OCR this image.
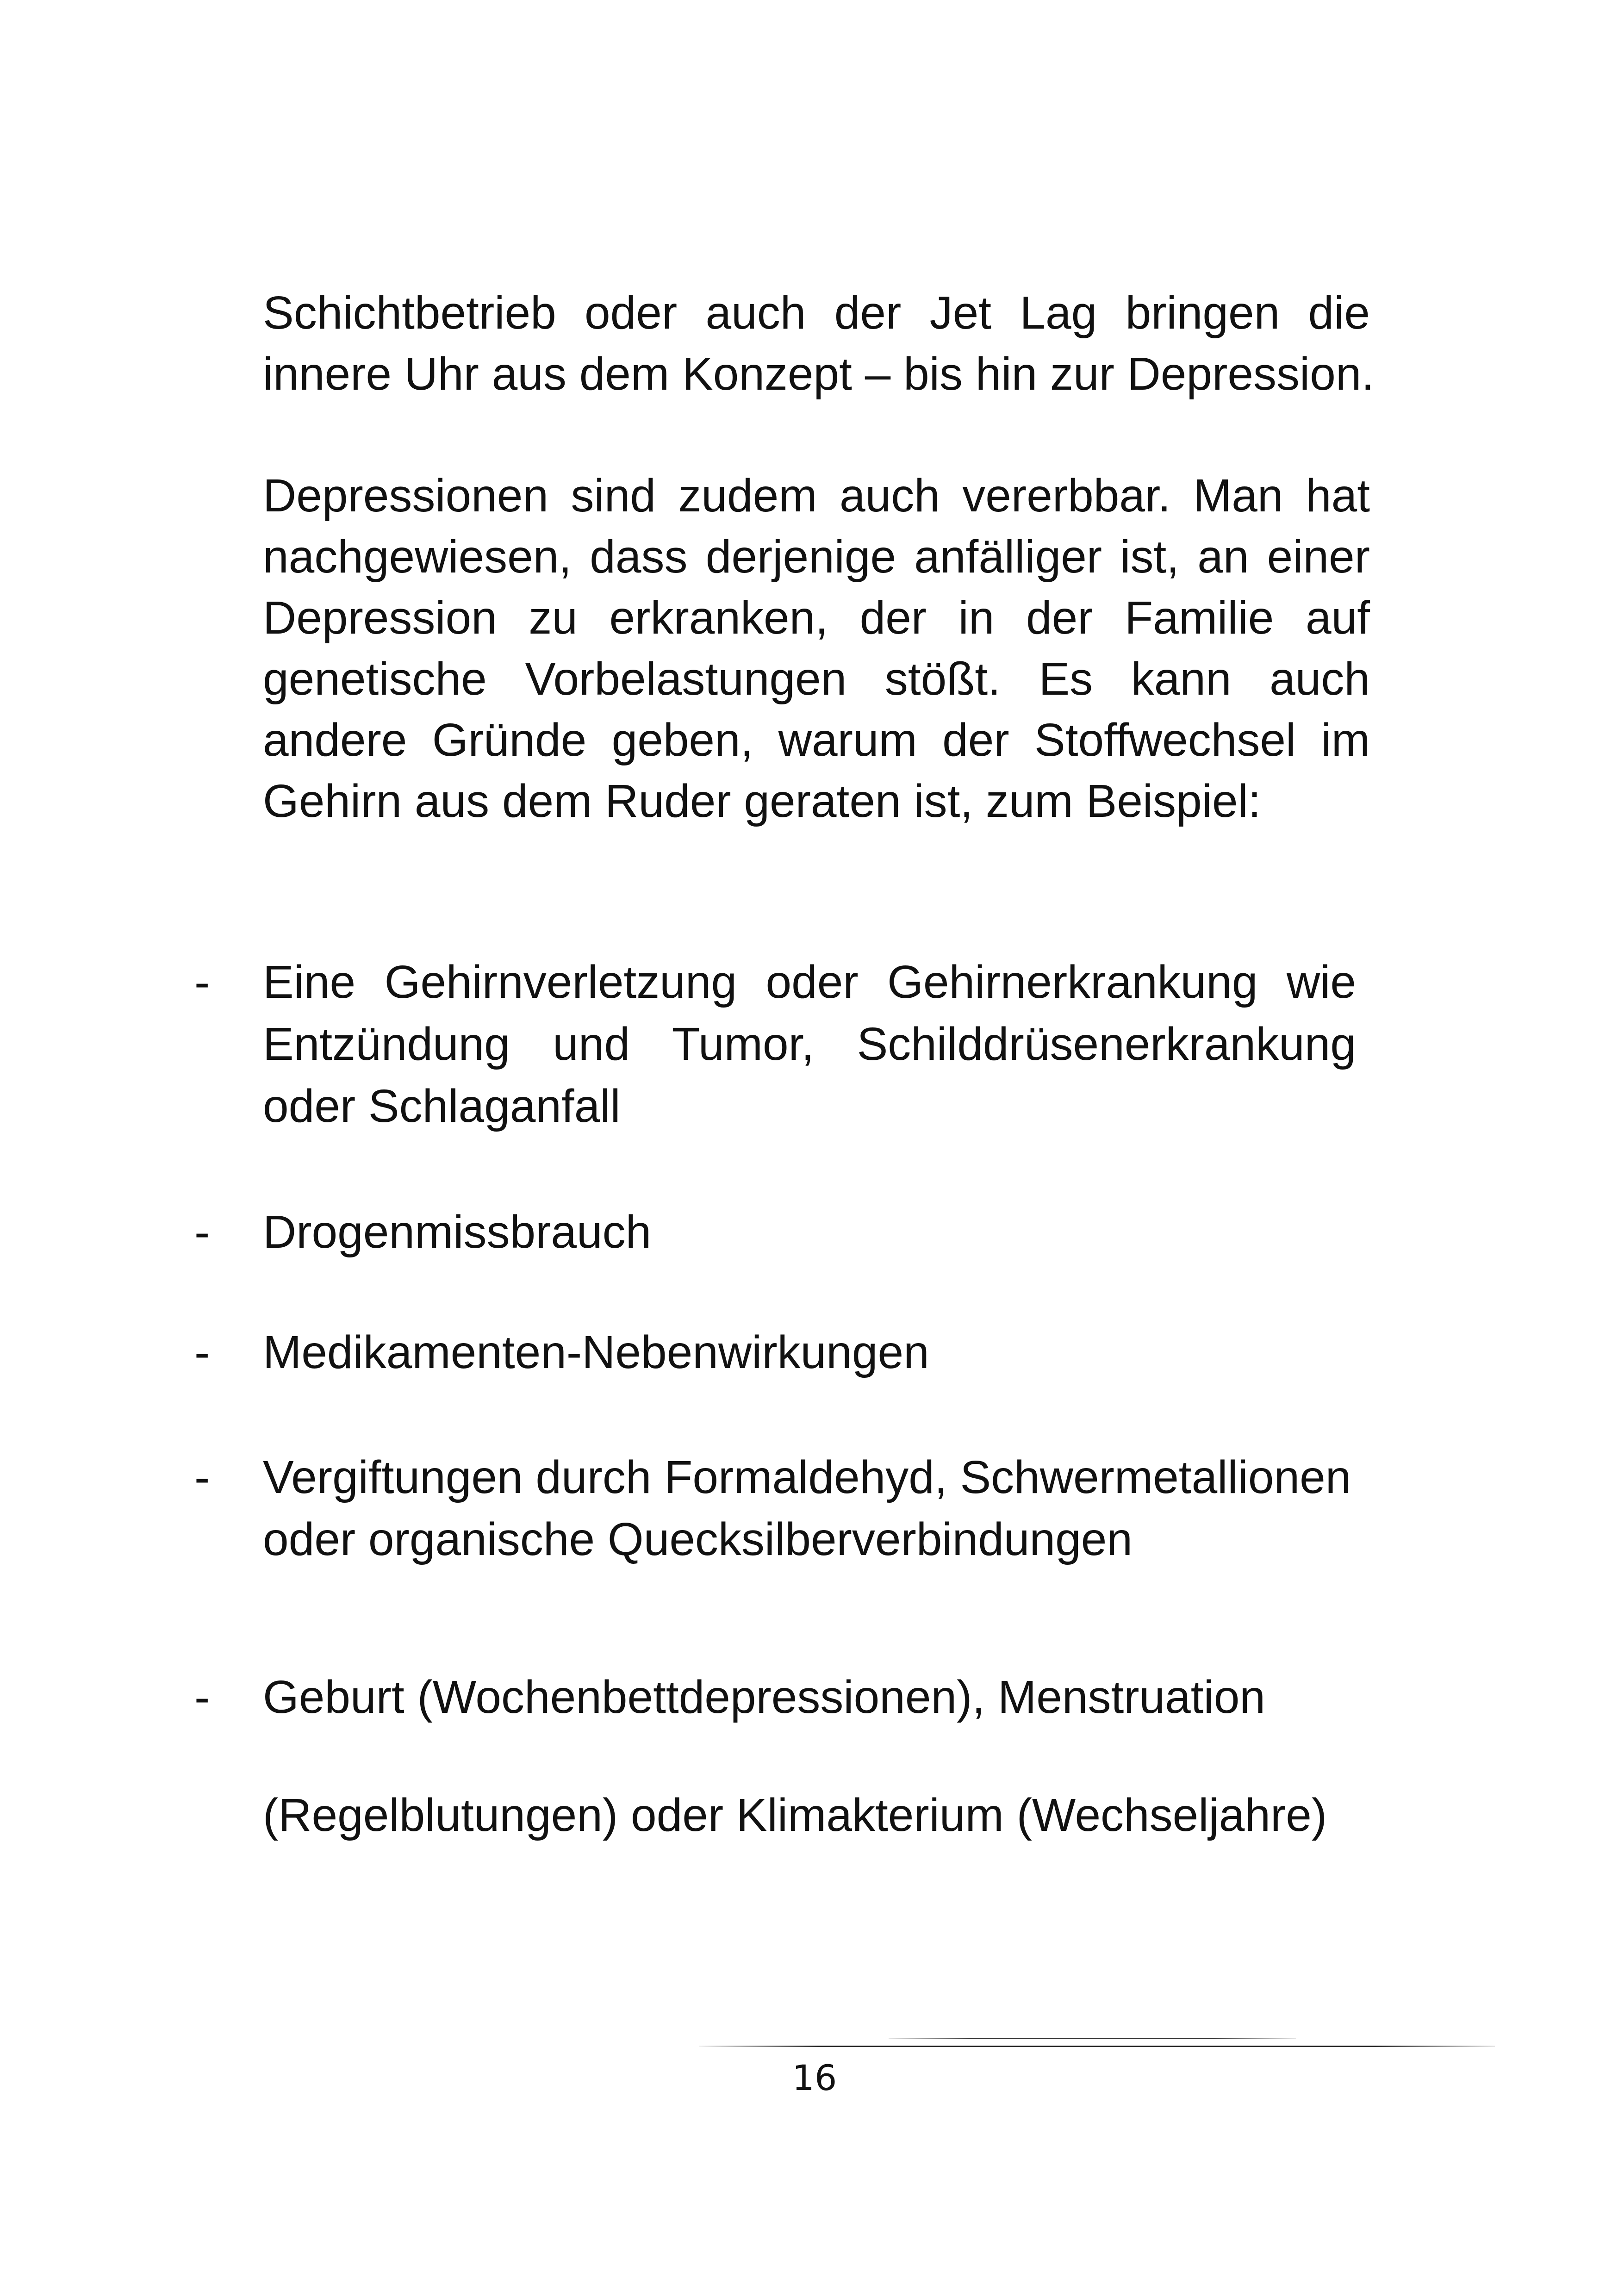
Schichtbetrieb oder auch der Jet Lag bringen die
innere Uhr aus dem Konzept – bis hin zur Depression.
Depressionen sind zudem auch vererbbar. Man hat
nachgewiesen, dass derjenige anfälliger ist, an einer
Depression zu erkranken, der in der Familie auf
genetische Vorbelastungen stößt. Es kann auch
andere Gründe geben, warum der Stoffwechsel im
Gehirn aus dem Ruder geraten ist, zum Beispiel:
- Eine Gehirnverletzung oder Gehirnerkrankung wie
Entzündung und Tumor, Schilddrüsenerkrankung
oder Schlaganfall
- Drogenmissbrauch
- Medikamenten-Nebenwirkungen
- Vergiftungen durch Formaldehyd, Schwermetallionen
oder organische Quecksilberverbindungen
- Geburt (Wochenbettdepressionen), Menstruation
(Regelblutungen) oder Klimakterium (Wechseljahre)
16
